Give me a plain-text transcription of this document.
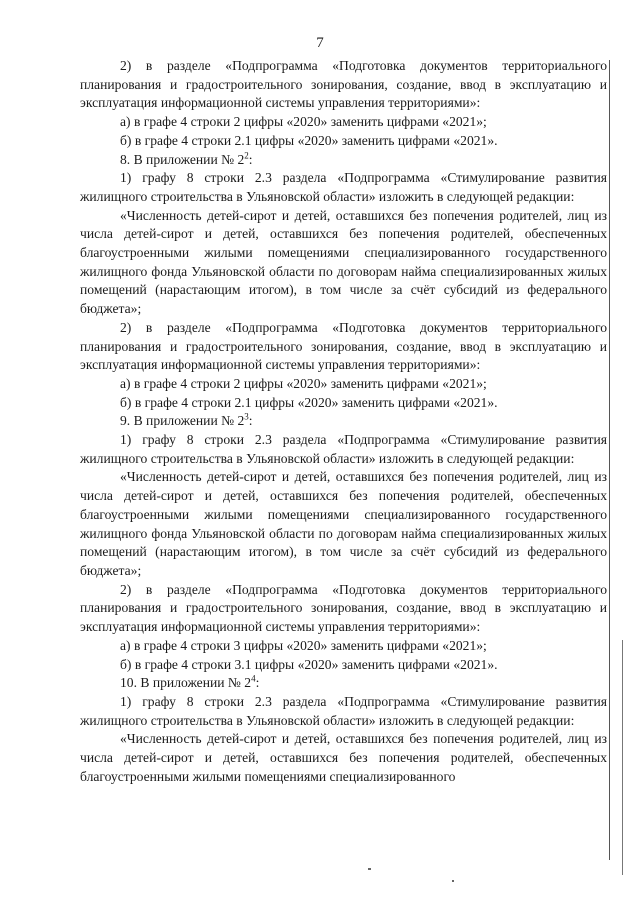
7

2) в разделе «Подпрограмма «Подготовка документов территориального планирования и градостроительного зонирования, создание, ввод в эксплуатацию и эксплуатация информационной системы управления территориями»:

а) в графе 4 строки 2 цифры «2020» заменить цифрами «2021»;

б) в графе 4 строки 2.1 цифры «2020» заменить цифрами «2021».

8. В приложении № $2^2$:

1) графу 8 строки 2.3 раздела «Подпрограмма «Стимулирование развития жилищного строительства в Ульяновской области» изложить в следующей редакции:

«Численность детей-сирот и детей, оставшихся без попечения родителей, лиц из числа детей-сирот и детей, оставшихся без попечения родителей, обеспеченных благоустроенными жилыми помещениями специализированного государственного жилищного фонда Ульяновской области по договорам найма специализированных жилых помещений (нарастающим итогом), в том числе за счёт субсидий из федерального бюджета»;

2) в разделе «Подпрограмма «Подготовка документов территориального планирования и градостроительного зонирования, создание, ввод в эксплуатацию и эксплуатация информационной системы управления территориями»:

а) в графе 4 строки 2 цифры «2020» заменить цифрами «2021»;

б) в графе 4 строки 2.1 цифры «2020» заменить цифрами «2021».

9. В приложении № $2^3$:

1) графу 8 строки 2.3 раздела «Подпрограмма «Стимулирование развития жилищного строительства в Ульяновской области» изложить в следующей редакции:

«Численность детей-сирот и детей, оставшихся без попечения родителей, лиц из числа детей-сирот и детей, оставшихся без попечения родителей, обеспеченных благоустроенными жилыми помещениями специализированного государственного жилищного фонда Ульяновской области по договорам найма специализированных жилых помещений (нарастающим итогом), в том числе за счёт субсидий из федерального бюджета»;

2) в разделе «Подпрограмма «Подготовка документов территориального планирования и градостроительного зонирования, создание, ввод в эксплуатацию и эксплуатация информационной системы управления территориями»:

а) в графе 4 строки 3 цифры «2020» заменить цифрами «2021»;

б) в графе 4 строки 3.1 цифры «2020» заменить цифрами «2021».

10. В приложении № $2^4$:

1) графу 8 строки 2.3 раздела «Подпрограмма «Стимулирование развития жилищного строительства в Ульяновской области» изложить в следующей редакции:

«Численность детей-сирот и детей, оставшихся без попечения родителей, лиц из числа детей-сирот и детей, оставшихся без попечения родителей, обеспеченных благоустроенными жилыми помещениями специализированного
